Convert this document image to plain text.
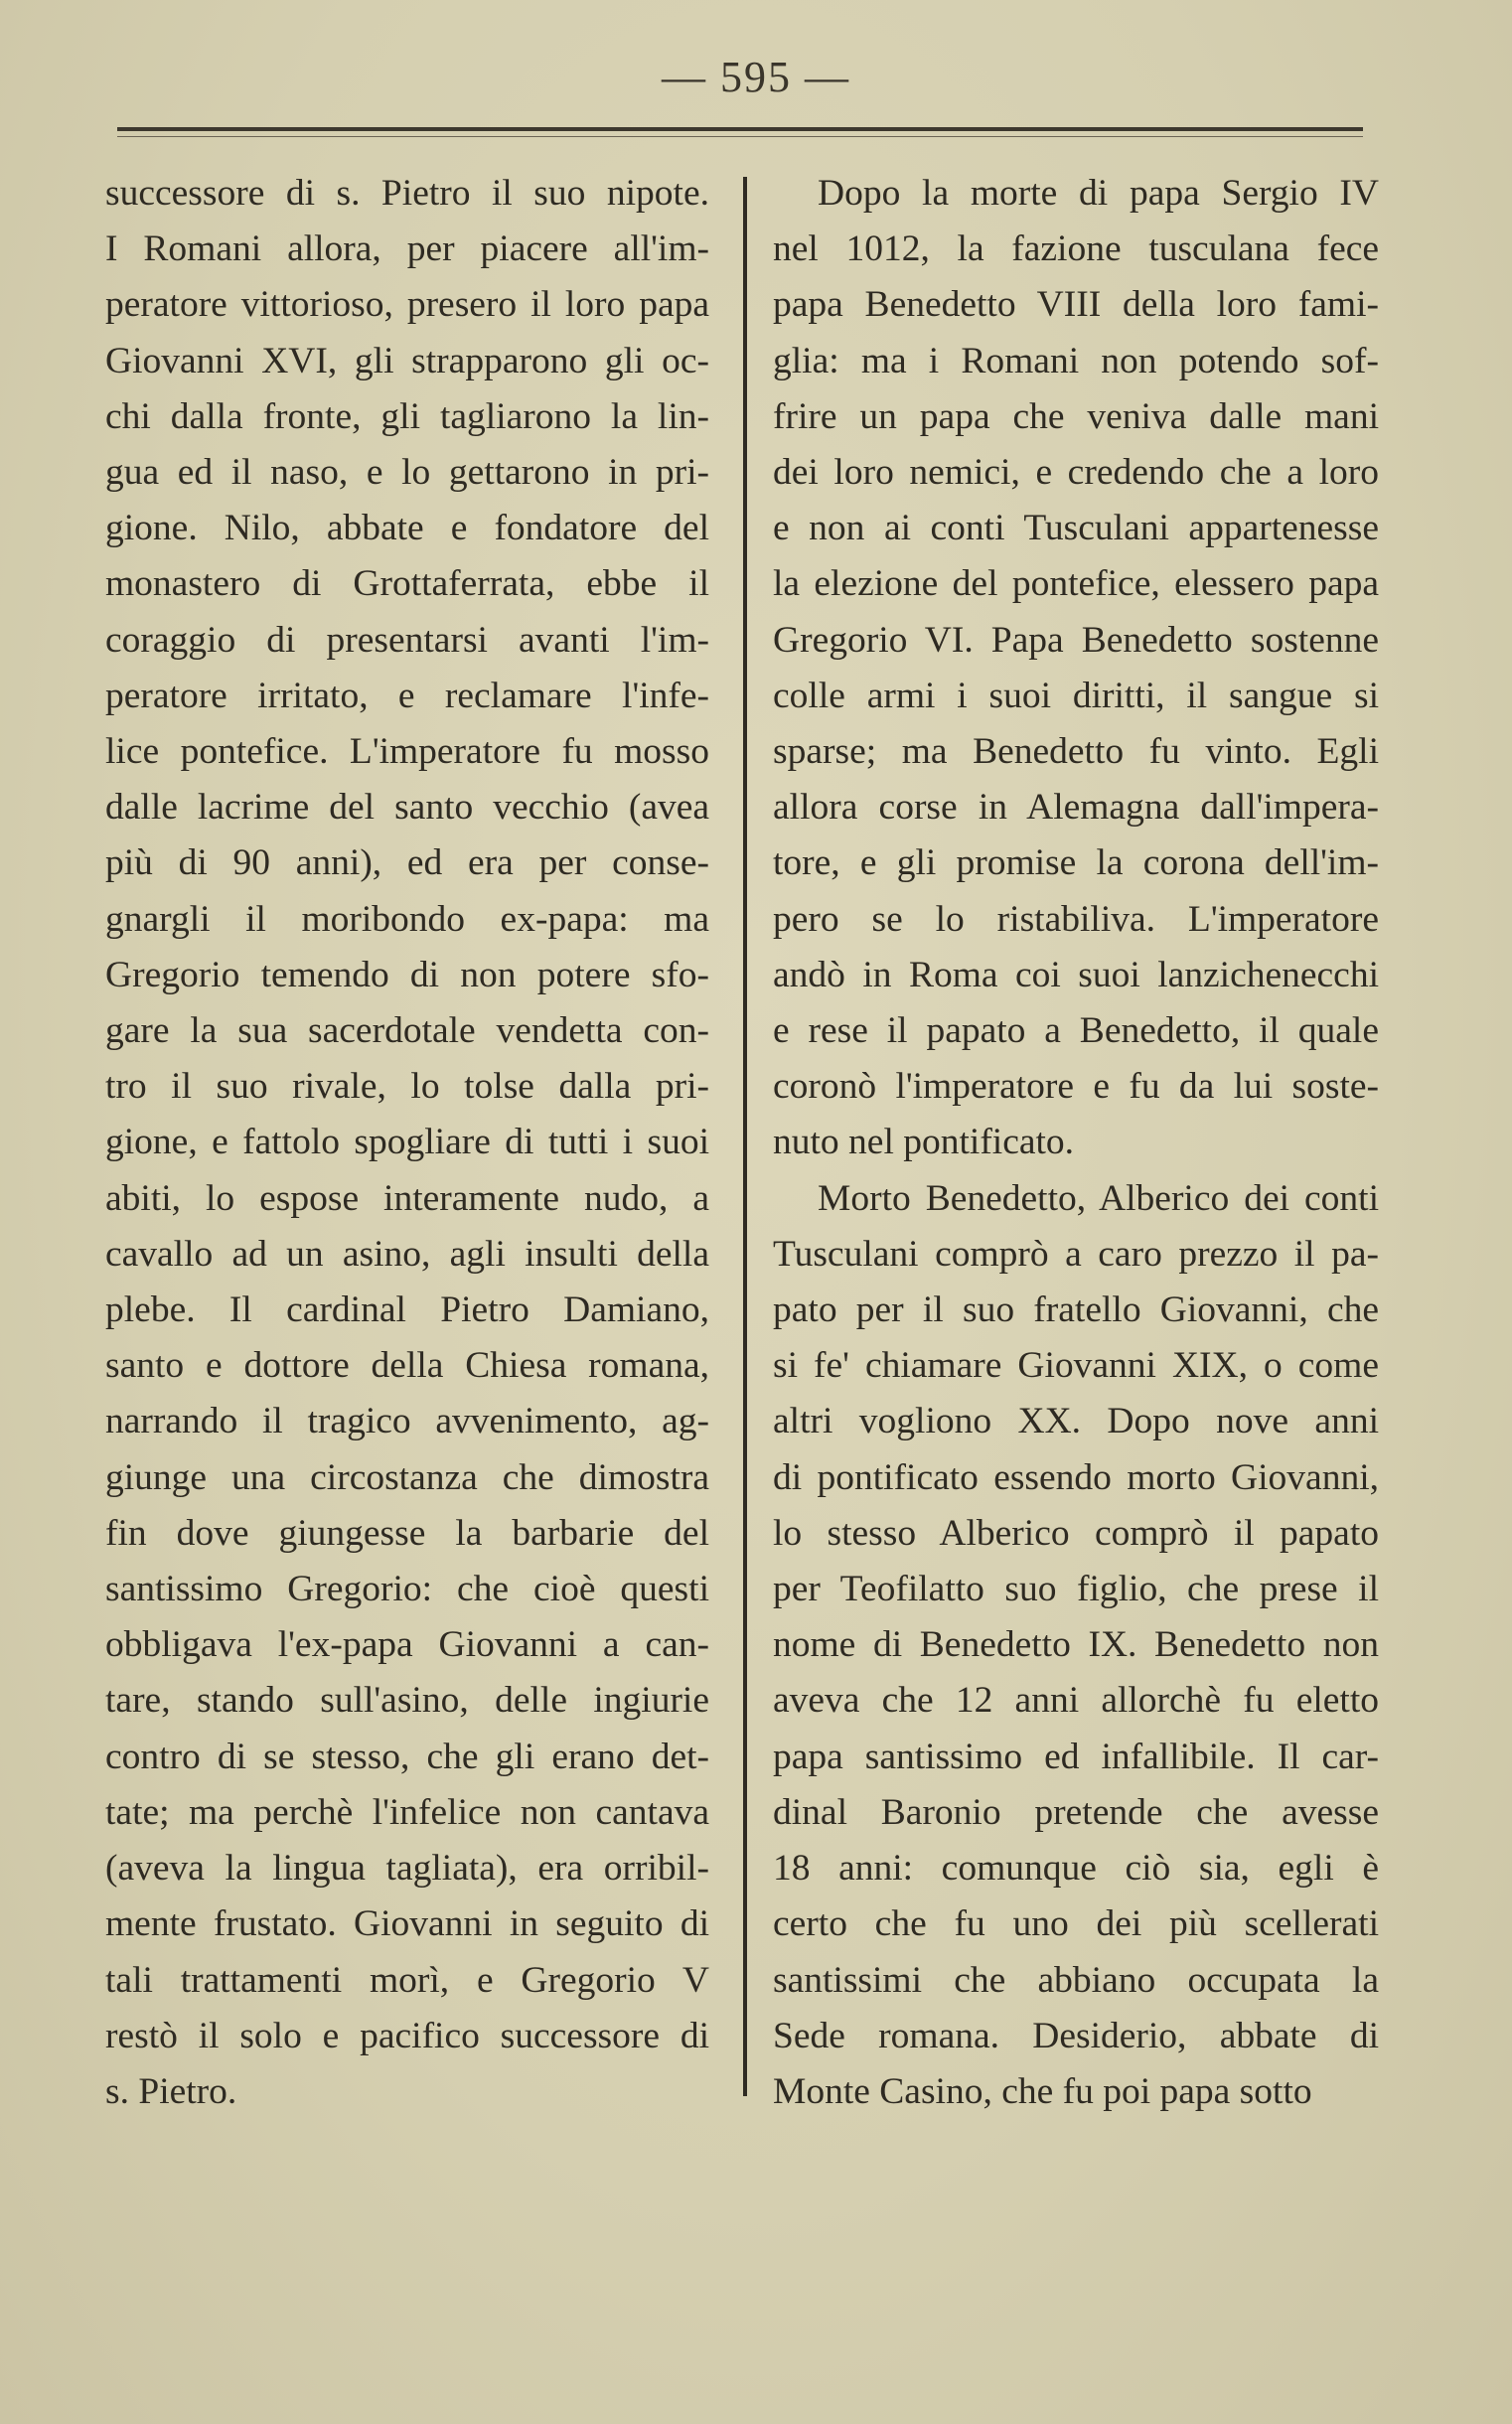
— 595 —

successore di s. Pietro il suo nipote.
I Romani allora, per piacere all'im-
peratore vittorioso, presero il loro papa
Giovanni XVI, gli strapparono gli oc-
chi dalla fronte, gli tagliarono la lin-
gua ed il naso, e lo gettarono in pri-
gione. Nilo, abbate e fondatore del
monastero di Grottaferrata, ebbe il
coraggio di presentarsi avanti l'im-
peratore irritato, e reclamare l'infe-
lice pontefice. L'imperatore fu mosso
dalle lacrime del santo vecchio (avea
più di 90 anni), ed era per conse-
gnargli il moribondo ex-papa: ma
Gregorio temendo di non potere sfo-
gare la sua sacerdotale vendetta con-
tro il suo rivale, lo tolse dalla pri-
gione, e fattolo spogliare di tutti i suoi
abiti, lo espose interamente nudo, a
cavallo ad un asino, agli insulti della
plebe. Il cardinal Pietro Damiano,
santo e dottore della Chiesa romana,
narrando il tragico avvenimento, ag-
giunge una circostanza che dimostra
fin dove giungesse la barbarie del
santissimo Gregorio: che cioè questi
obbligava l'ex-papa Giovanni a can-
tare, stando sull'asino, delle ingiurie
contro di se stesso, che gli erano det-
tate; ma perchè l'infelice non cantava
(aveva la lingua tagliata), era orribil-
mente frustato. Giovanni in seguito di
tali trattamenti morì, e Gregorio V
restò il solo e pacifico successore di
s. Pietro.

Dopo la morte di papa Sergio IV
nel 1012, la fazione tusculana fece
papa Benedetto VIII della loro fami-
glia: ma i Romani non potendo sof-
frire un papa che veniva dalle mani
dei loro nemici, e credendo che a loro
e non ai conti Tusculani appartenesse
la elezione del pontefice, elessero papa
Gregorio VI. Papa Benedetto sostenne
colle armi i suoi diritti, il sangue si
sparse; ma Benedetto fu vinto. Egli
allora corse in Alemagna dall'impera-
tore, e gli promise la corona dell'im-
pero se lo ristabiliva. L'imperatore
andò in Roma coi suoi lanzichenecchi
e rese il papato a Benedetto, il quale
coronò l'imperatore e fu da lui soste-
nuto nel pontificato.

Morto Benedetto, Alberico dei conti
Tusculani comprò a caro prezzo il pa-
pato per il suo fratello Giovanni, che
si fe' chiamare Giovanni XIX, o come
altri vogliono XX. Dopo nove anni
di pontificato essendo morto Giovanni,
lo stesso Alberico comprò il papato
per Teofilatto suo figlio, che prese il
nome di Benedetto IX. Benedetto non
aveva che 12 anni allorchè fu eletto
papa santissimo ed infallibile. Il car-
dinal Baronio pretende che avesse
18 anni: comunque ciò sia, egli è
certo che fu uno dei più scellerati
santissimi che abbiano occupata la
Sede romana. Desiderio, abbate di
Monte Casino, che fu poi papa sotto
